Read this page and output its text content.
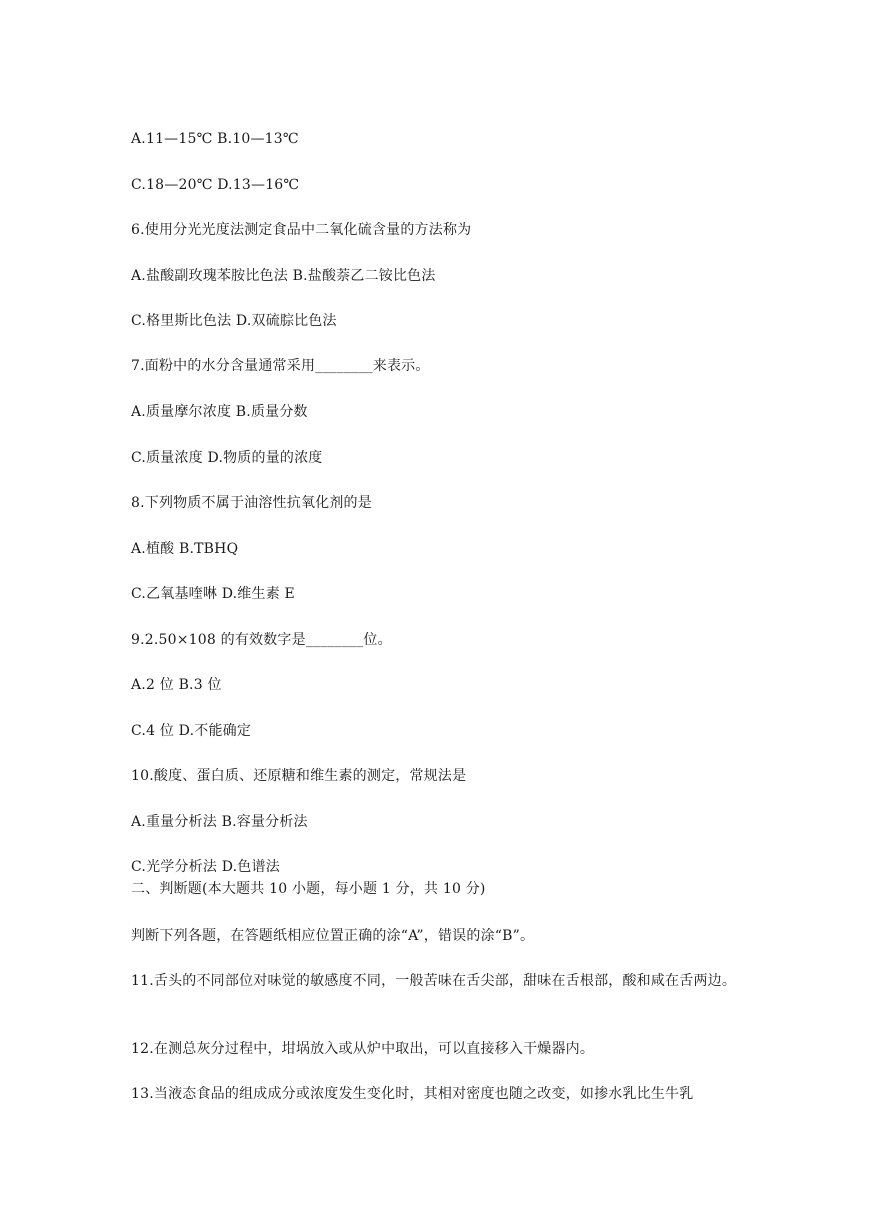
A.11—15℃ B.10—13℃
C.18—20℃ D.13—16℃
6.使用分光光度法测定食品中二氧化硫含量的方法称为
A.盐酸副玫瑰苯胺比色法 B.盐酸萘乙二铵比色法
C.格里斯比色法 D.双硫腙比色法
7.面粉中的水分含量通常采用________来表示。
A.质量摩尔浓度 B.质量分数
C.质量浓度 D.物质的量的浓度
8.下列物质不属于油溶性抗氧化剂的是
A.植酸 B.TBHQ
C.乙氧基喹啉 D.维生素 E
9.2.50×108 的有效数字是________位。
A.2 位 B.3 位
C.4 位 D.不能确定
10.酸度、蛋白质、还原糖和维生素的测定，常规法是
A.重量分析法 B.容量分析法
C.光学分析法 D.色谱法
二、判断题(本大题共 10 小题，每小题 1 分，共 10 分)
判断下列各题，在答题纸相应位置正确的涂“A”，错误的涂“B”。
11.舌头的不同部位对味觉的敏感度不同，一般苦味在舌尖部，甜味在舌根部，酸和咸在舌两边。
12.在测总灰分过程中，坩埚放入或从炉中取出，可以直接移入干燥器内。
13.当液态食品的组成成分或浓度发生变化时，其相对密度也随之改变，如掺水乳比生牛乳
